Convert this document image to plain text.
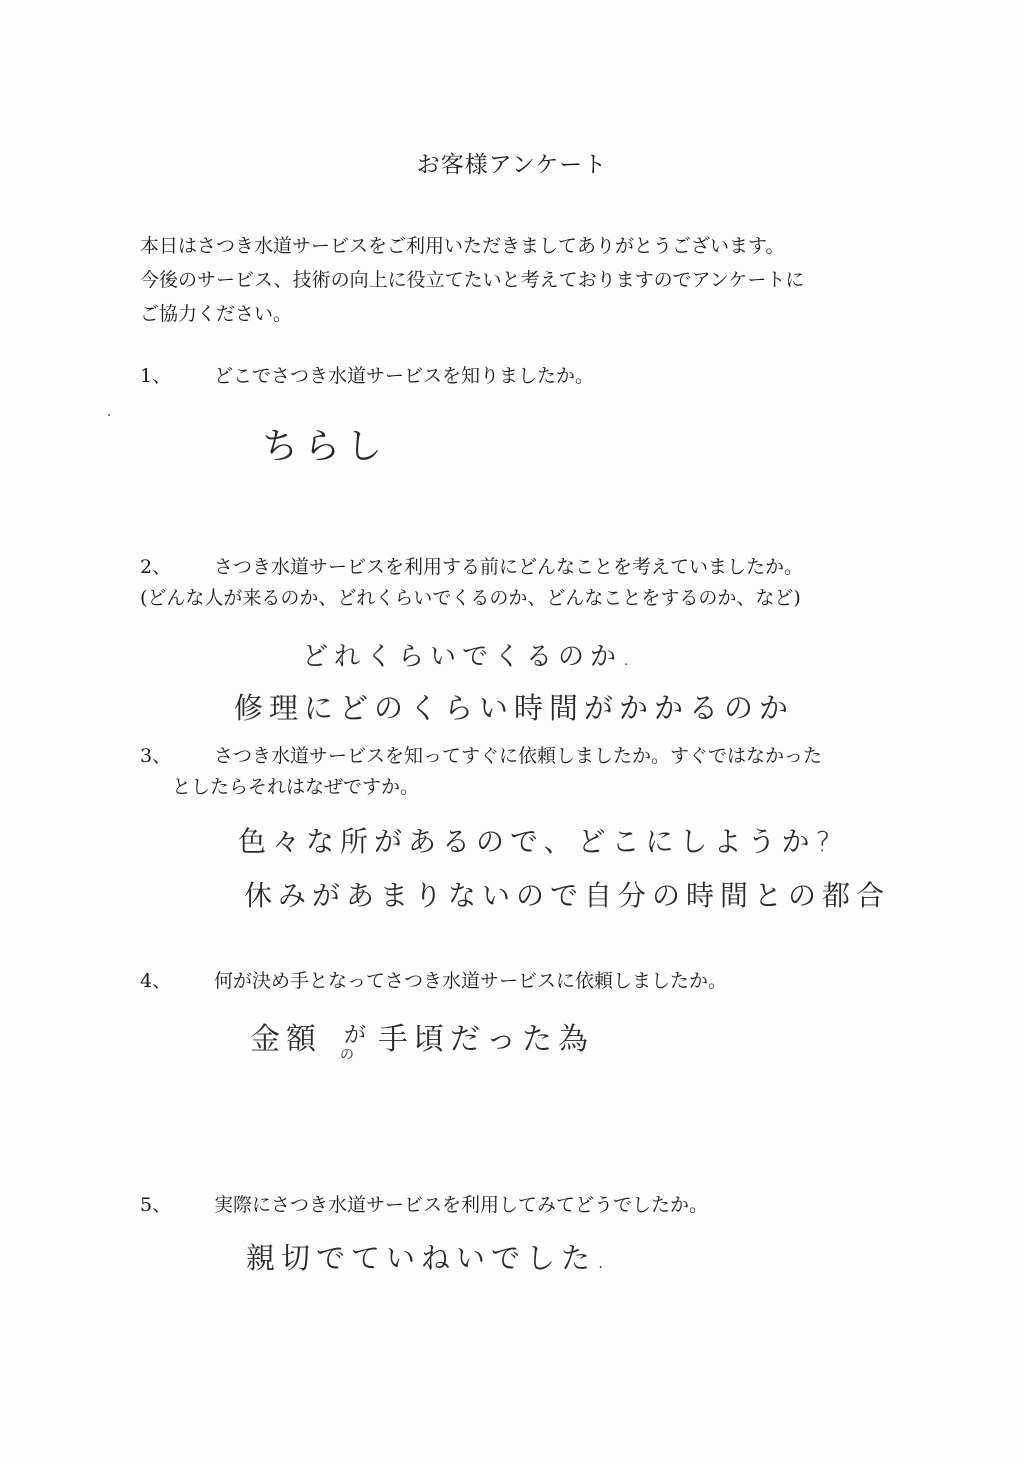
お客様アンケート
本日はさつき水道サービスをご利用いただきましてありがとうございます。
今後のサービス、技術の向上に役立てたいと考えておりますのでアンケートに
ご協力ください。
1、 どこでさつき水道サービスを知りましたか。
ちらし
2、 さつき水道サービスを利用する前にどんなことを考えていましたか。
(どんな人が来るのか、どれくらいでくるのか、どんなことをするのか、など)
どれくらいでくるのか.
修理にどのくらい時間がかかるのか
3、 さつき水道サービスを知ってすぐに依頼しましたか。すぐではなかった
としたらそれはなぜですか。
色々な所があるので、どこにしようか?
休みがあまりないので自分の時間との都合
4、 何が決め手となってさつき水道サービスに依頼しましたか。
金額 が
の 手頃だった為
5、 実際にさつき水道サービスを利用してみてどうでしたか。
親切でていねいでした.
